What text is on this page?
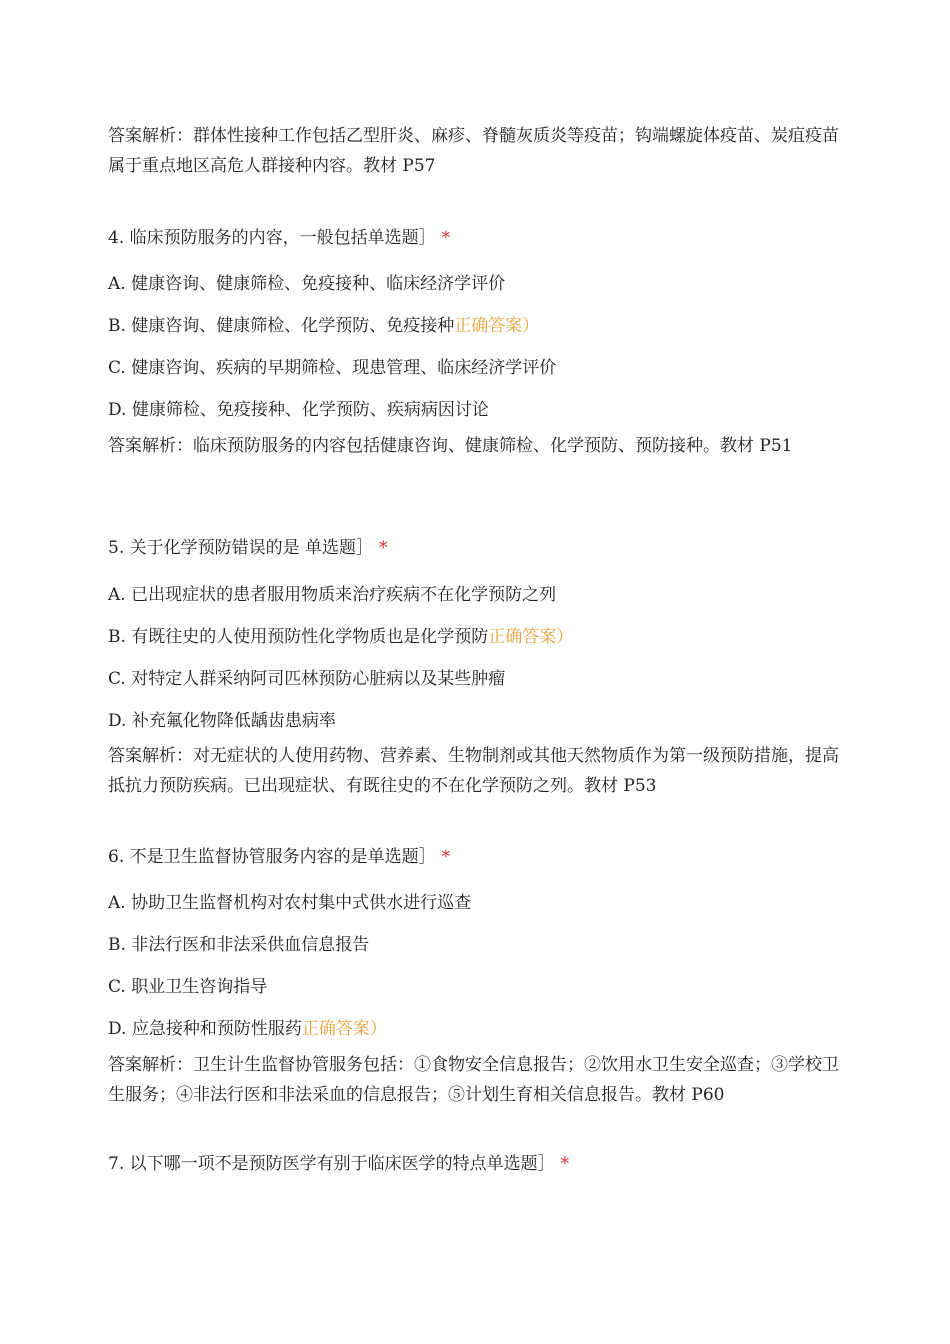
答案解析：群体性接种工作包括乙型肝炎、麻疹、脊髓灰质炎等疫苗；钩端螺旋体疫苗、炭疽疫苗属于重点地区高危人群接种内容。教材 P57
4. 临床预防服务的内容，一般包括单选题］ *
A. 健康咨询、健康筛检、免疫接种、临床经济学评价
B. 健康咨询、健康筛检、化学预防、免疫接种正确答案）
C. 健康咨询、疾病的早期筛检、现患管理、临床经济学评价
D. 健康筛检、免疫接种、化学预防、疾病病因讨论
答案解析：临床预防服务的内容包括健康咨询、健康筛检、化学预防、预防接种。教材 P51
5. 关于化学预防错误的是 单选题］ *
A. 已出现症状的患者服用物质来治疗疾病不在化学预防之列
B. 有既往史的人使用预防性化学物质也是化学预防正确答案）
C. 对特定人群采纳阿司匹林预防心脏病以及某些肿瘤
D. 补充氟化物降低龋齿患病率
答案解析：对无症状的人使用药物、营养素、生物制剂或其他天然物质作为第一级预防措施，提高抵抗力预防疾病。已出现症状、有既往史的不在化学预防之列。教材 P53
6. 不是卫生监督协管服务内容的是单选题］ *
A. 协助卫生监督机构对农村集中式供水进行巡查
B. 非法行医和非法采供血信息报告
C. 职业卫生咨询指导
D. 应急接种和预防性服药正确答案）
答案解析：卫生计生监督协管服务包括：①食物安全信息报告；②饮用水卫生安全巡查；③学校卫生服务；④非法行医和非法采血的信息报告；⑤计划生育相关信息报告。教材 P60
7. 以下哪一项不是预防医学有别于临床医学的特点单选题］ *
